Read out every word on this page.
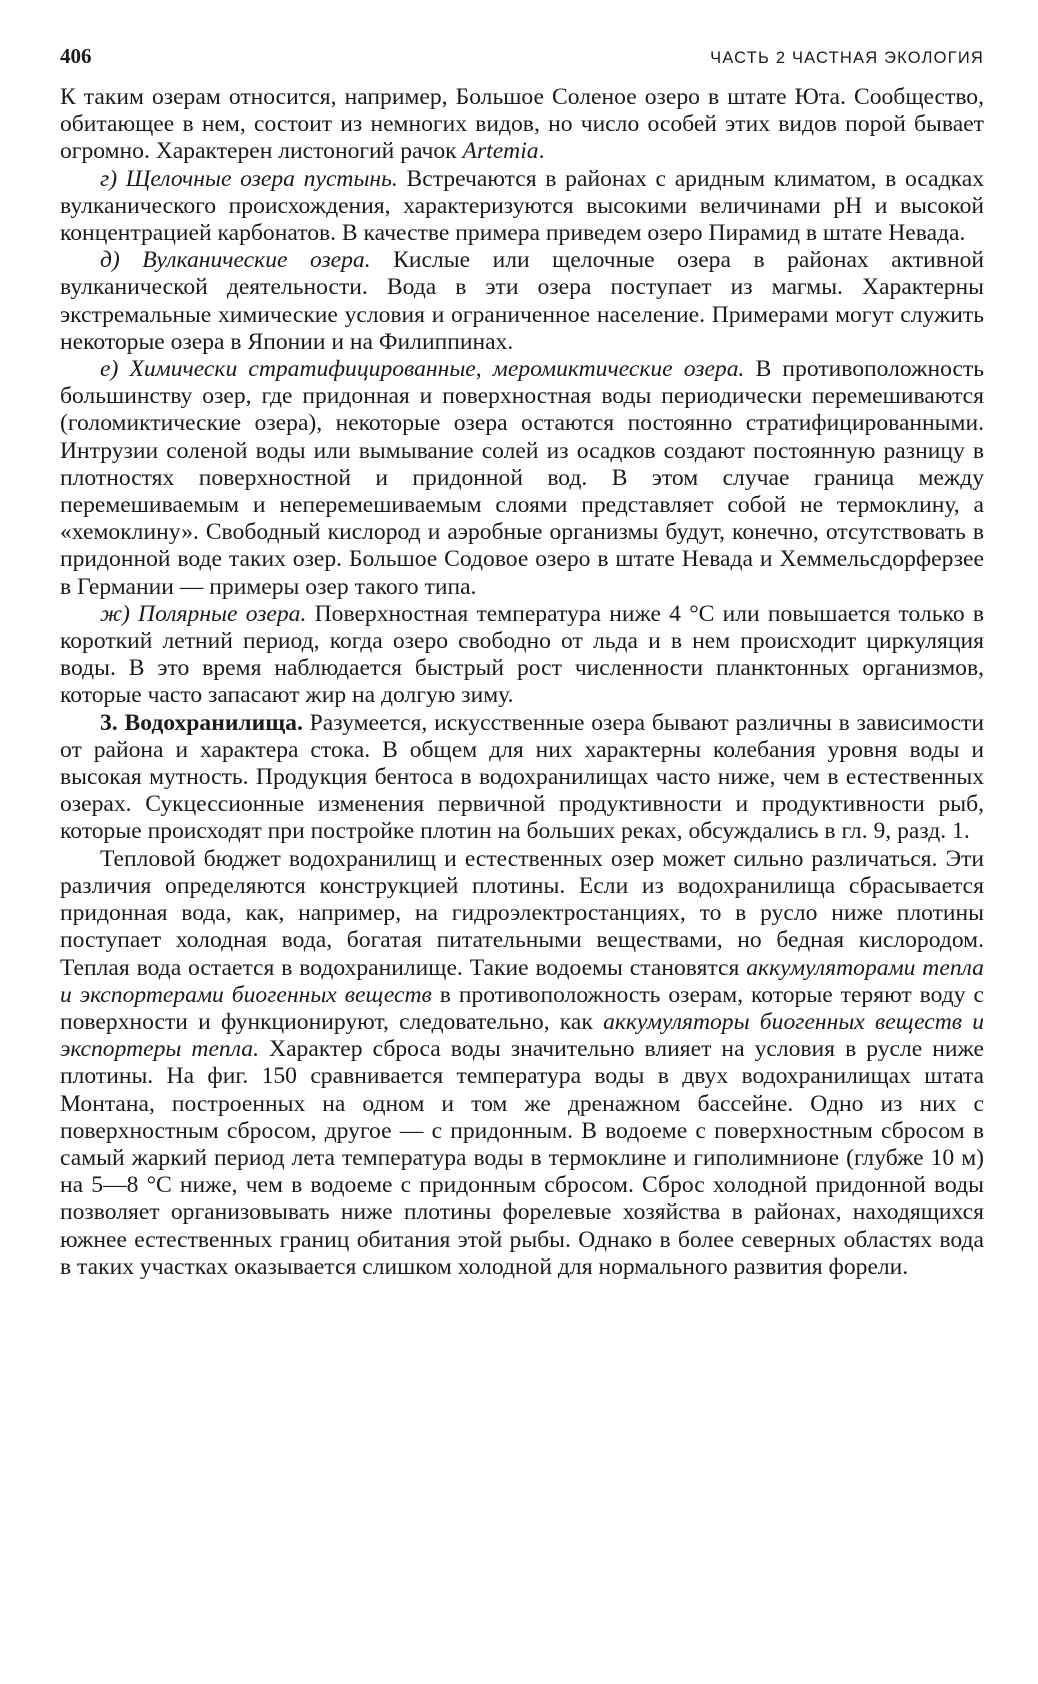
406	ЧАСТЬ 2 ЧАСТНАЯ ЭКОЛОГИЯ

К таким озерам относится, например, Большое Соленое озеро в штате Юта. Сообщество, обитающее в нем, состоит из немногих видов, но число особей этих видов порой бывает огромно. Характерен листоногий рачок Artemia.

г) Щелочные озера пустынь. Встречаются в районах с аридным климатом, в осадках вулканического происхождения, характеризуются высокими величинами pH и высокой концентрацией карбонатов. В качестве примера приведем озеро Пирамид в штате Невада.

д) Вулканические озера. Кислые или щелочные озера в районах активной вулканической деятельности. Вода в эти озера поступает из магмы. Характерны экстремальные химические условия и ограниченное население. Примерами могут служить некоторые озера в Японии и на Филиппинах.

е) Химически стратифицированные, меромиктические озера. В противоположность большинству озер, где придонная и поверхностная воды периодически перемешиваются (голомиктические озера), некоторые озера остаются постоянно стратифицированными. Интрузии соленой воды или вымывание солей из осадков создают постоянную разницу в плотностях поверхностной и придонной вод. В этом случае граница между перемешиваемым и неперемешиваемым слоями представляет собой не термоклину, а «хемоклину». Свободный кислород и аэробные организмы будут, конечно, отсутствовать в придонной воде таких озер. Большое Содовое озеро в штате Невада и Хеммельсдорферзее в Германии — примеры озер такого типа.

ж) Полярные озера. Поверхностная температура ниже 4 °С или повышается только в короткий летний период, когда озеро свободно от льда и в нем происходит циркуляция воды. В это время наблюдается быстрый рост численности планктонных организмов, которые часто запасают жир на долгую зиму.

3. Водохранилища. Разумеется, искусственные озера бывают различны в зависимости от района и характера стока. В общем для них характерны колебания уровня воды и высокая мутность. Продукция бентоса в водохранилищах часто ниже, чем в естественных озерах. Сукцессионные изменения первичной продуктивности и продуктивности рыб, которые происходят при постройке плотин на больших реках, обсуждались в гл. 9, разд. 1.

Тепловой бюджет водохранилищ и естественных озер может сильно различаться. Эти различия определяются конструкцией плотины. Если из водохранилища сбрасывается придонная вода, как, например, на гидроэлектростанциях, то в русло ниже плотины поступает холодная вода, богатая питательными веществами, но бедная кислородом. Теплая вода остается в водохранилище. Такие водоемы становятся аккумуляторами тепла и экспортерами биогенных веществ в противоположность озерам, которые теряют воду с поверхности и функционируют, следовательно, как аккумуляторы биогенных веществ и экспортеры тепла. Характер сброса воды значительно влияет на условия в русле ниже плотины. На фиг. 150 сравнивается температура воды в двух водохранилищах штата Монтана, построенных на одном и том же дренажном бассейне. Одно из них с поверхностным сбросом, другое — с придонным. В водоеме с поверхностным сбросом в самый жаркий период лета температура воды в термоклине и гиполимнионе (глубже 10 м) на 5—8 °С ниже, чем в водоеме с придонным сбросом. Сброс холодной придонной воды позволяет организовывать ниже плотины форелевые хозяйства в районах, находящихся южнее естественных границ обитания этой рыбы. Однако в более северных областях вода в таких участках оказывается слишком холодной для нормального развития форели.
